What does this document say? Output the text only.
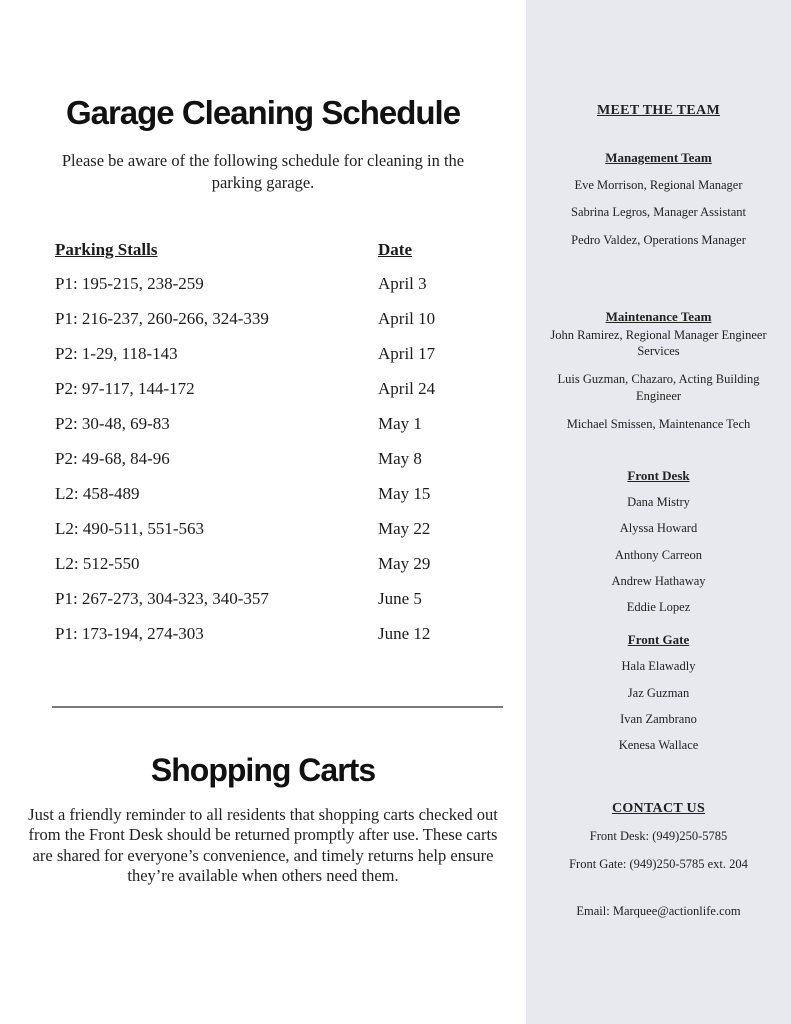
Garage Cleaning Schedule
Please be aware of the following schedule for cleaning in the parking garage.
Parking Stalls	Date
P1: 195-215, 238-259	April 3
P1: 216-237, 260-266, 324-339	April 10
P2: 1-29, 118-143	April 17
P2: 97-117, 144-172	April 24
P2: 30-48, 69-83	May 1
P2: 49-68, 84-96	May 8
L2: 458-489	May 15
L2: 490-511, 551-563	May 22
L2: 512-550	May 29
P1: 267-273, 304-323, 340-357	June 5
P1: 173-194, 274-303	June 12
Shopping Carts
Just a friendly reminder to all residents that shopping carts checked out from the Front Desk should be returned promptly after use. These carts are shared for everyone’s convenience, and timely returns help ensure they’re available when others need them.
MEET THE TEAM
Management Team
Eve Morrison, Regional Manager
Sabrina Legros, Manager Assistant
Pedro Valdez, Operations Manager
Maintenance Team
John Ramirez, Regional Manager Engineer Services
Luis Guzman, Chazaro, Acting Building Engineer
Michael Smissen, Maintenance Tech
Front Desk
Dana Mistry
Alyssa Howard
Anthony Carreon
Andrew Hathaway
Eddie Lopez
Front Gate
Hala Elawadly
Jaz Guzman
Ivan Zambrano
Kenesa Wallace
CONTACT US
Front Desk: (949)250-5785
Front Gate: (949)250-5785 ext. 204
Email: Marquee@actionlife.com
